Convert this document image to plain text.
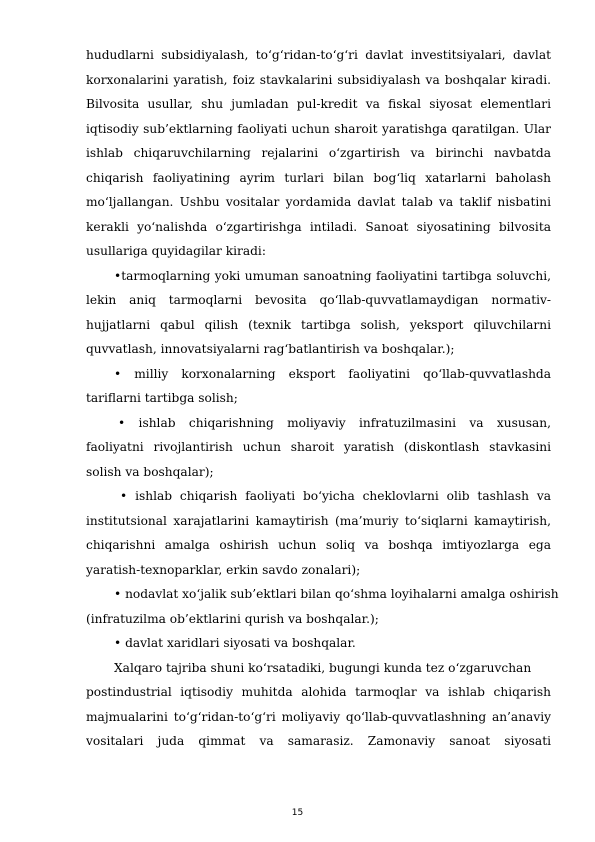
hududlarni subsidiyalash, to‘g‘ridan-to‘g‘ri davlat investitsiyalari, davlat
korxonalarini yaratish, foiz stavkalarini subsidiyalash va boshqalar kiradi.
Bilvosita usullar, shu jumladan pul-kredit va fiskal siyosat elementlari
iqtisodiy sub’ektlarning faoliyati uchun sharoit yaratishga qaratilgan. Ular
ishlab chiqaruvchilarning rejalarini o‘zgartirish va birinchi navbatda
chiqarish faoliyatining ayrim turlari bilan bog‘liq xatarlarni baholash
mo‘ljallangan. Ushbu vositalar yordamida davlat talab va taklif nisbatini
kerakli yo‘nalishda o‘zgartirishga intiladi. Sanoat siyosatining bilvosita
usullariga quyidagilar kiradi:
•tarmoqlarning yoki umuman sanoatning faoliyatini tartibga soluvchi,
lekin aniq tarmoqlarni bevosita qo‘llab-quvvatlamaydigan normativ-
hujjatlarni qabul qilish (texnik tartibga solish, yeksport qiluvchilarni
quvvatlash, innovatsiyalarni rag‘batlantirish va boshqalar.);
• milliy korxonalarning eksport faoliyatini qo‘llab-quvvatlashda
tariflarni tartibga solish;
• ishlab chiqarishning moliyaviy infratuzilmasini va xususan,
faoliyatni rivojlantirish uchun sharoit yaratish (diskontlash stavkasini
solish va boshqalar);
• ishlab chiqarish faoliyati bo‘yicha cheklovlarni olib tashlash va
institutsional xarajatlarini kamaytirish (ma’muriy to‘siqlarni kamaytirish,
chiqarishni amalga oshirish uchun soliq va boshqa imtiyozlarga ega
yaratish-texnoparklar, erkin savdo zonalari);
• nodavlat xo‘jalik sub’ektlari bilan qo‘shma loyihalarni amalga oshirish
(infratuzilma ob’ektlarini qurish va boshqalar.);
• davlat xaridlari siyosati va boshqalar.
Xalqaro tajriba shuni ko‘rsatadiki, bugungi kunda tez o‘zgaruvchan
postindustrial iqtisodiy muhitda alohida tarmoqlar va ishlab chiqarish
majmualarini to‘g‘ridan-to‘g‘ri moliyaviy qo‘llab-quvvatlashning an’anaviy
vositalari juda qimmat va samarasiz. Zamonaviy sanoat siyosati
15
